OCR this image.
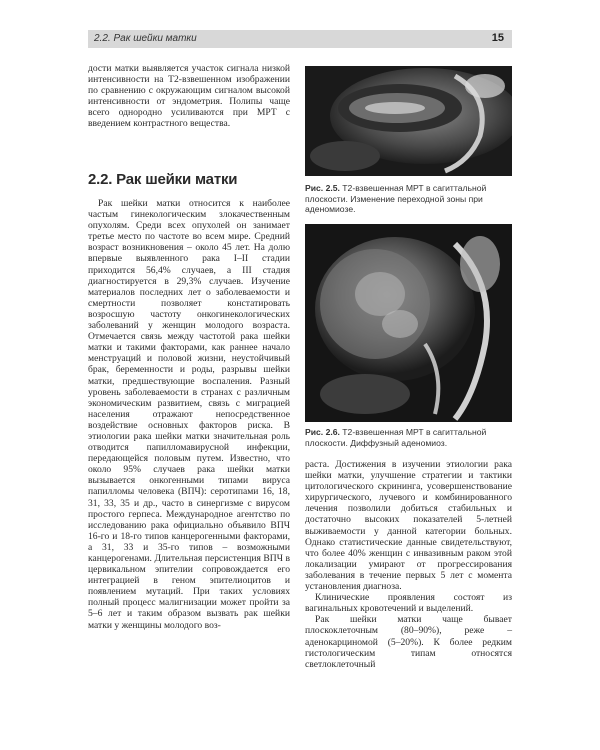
2.2. Рак шейки матки	15

дости матки выявляется участок сигнала низкой интенсивности на Т2-взвешенном изображении по сравнению с окружающим сигналом высокой интенсивности от эндометрия. Полипы чаще всего однородно усиливаются при МРТ с введением контрастного вещества.

2.2. Рак шейки матки

Рак шейки матки относится к наиболее частым гинекологическим злокачественным опухолям. Среди всех опухолей он занимает третье место по частоте во всем мире. Средний возраст возникновения – около 45 лет. На долю впервые выявленного рака I–II стадии приходится 56,4% случаев, а III стадия диагностируется в 29,3% случаев. Изучение материалов последних лет о заболеваемости и смертности позволяет констатировать возросшую частоту онкогинекологических заболеваний у женщин молодого возраста. Отмечается связь между частотой рака шейки матки и такими факторами, как раннее начало менструаций и половой жизни, неустойчивый брак, беременности и роды, разрывы шейки матки, предшествующие воспаления. Разный уровень заболеваемости в странах с различным экономическим развитием, связь с миграцией населения отражают непосредственное воздействие основных факторов риска. В этиологии рака шейки матки значительная роль отводится папилломавирусной инфекции, передающейся половым путем. Известно, что около 95% случаев рака шейки матки вызывается онкогенными типами вируса папилломы человека (ВПЧ): серотипами 16, 18, 31, 33, 35 и др., часто в синергизме с вирусом простого герпеса. Международное агентство по исследованию рака официально объявило ВПЧ 16-го и 18-го типов канцерогенными факторами, а 31, 33 и 35-го типов – возможными канцерогенами. Длительная персистенция ВПЧ в цервикальном эпителии сопровождается его интеграцией в геном эпителиоцитов и появлением мутаций. При таких условиях полный процесс малигнизации может пройти за 5–6 лет и таким образом вызвать рак шейки матки у женщины молодого воз-

Рис. 2.5. Т2-взвешенная МРТ в сагиттальной плоскости. Изменение переходной зоны при аденомиозе.
Рис. 2.6. Т2-взвешенная МРТ в сагиттальной плоскости. Диффузный аденомиоз.

раста. Достижения в изучении этиологии рака шейки матки, улучшение стратегии и тактики цитологического скрининга, усовершенствование хирургического, лучевого и комбинированного лечения позволили добиться стабильных и достаточно высоких показателей 5-летней выживаемости у данной категории больных. Однако статистические данные свидетельствуют, что более 40% женщин с инвазивным раком этой локализации умирают от прогрессирования заболевания в течение первых 5 лет с момента установления диагноза.

Клинические проявления состоят из вагинальных кровотечений и выделений.

Рак шейки матки чаще бывает плоскоклеточным (80–90%), реже – аденокарциномой (5–20%). К более редким гистологическим типам относятся светлоклеточный
